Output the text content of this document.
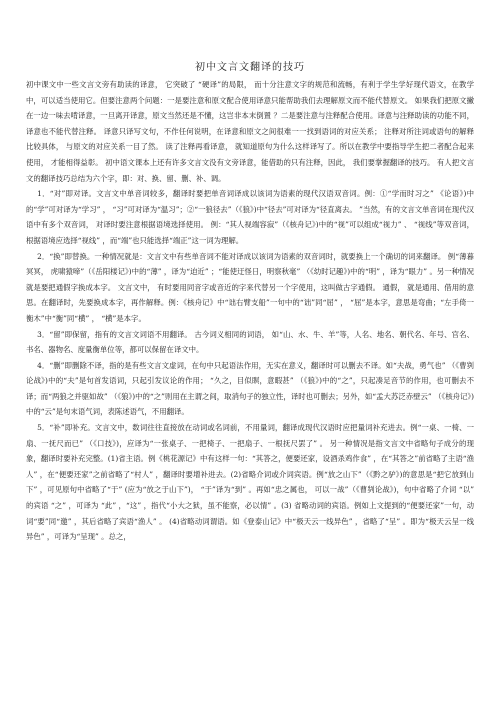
初中文言文翻译的技巧

初中课文中一些文言文旁有助读的译意， 它突破了 “硬译”的局限， 而十分注意文字的规范和流畅，有利于学生学好现代语文，在教学中，可以适当使用它。但要注意两个问题：一是要注意和原文配合使用译意只能帮助我们去理解原文而不能代替原文。 如果我们把原文撇在一边一味去啃译意，一旦离开译意，原文当然还是不懂，这岂非本末倒置 ？二是要注意与注释配合使用。译意与注释助读的功能不同，译意也不能代替注释。 译意只译写文句，不作任何说明，在译意和原文之间很难一一找到语词的对应关系； 注释对所注词或语句的解释比较具体， 与原文的对应关系一目了然。 读了注释再看译意， 就知道原句为什么这样译写了。所以在教学中要指导学生把二者配合起来使用， 才能相得益彰。 初中语文课本上还有许多文言文没有文旁译意，能借助的只有注释，因此， 我们要掌握翻译的技巧。 有人把文言文的翻译技巧总结为六个字，即：对、换、留、删、补、调。

1．“对”即对译。文言文中单音词较多，翻译时要把单音词译成以该词为语素的现代汉语双音词。例：①“学而时习之” 《论语》)中的“学”可对译为“学习” ， “习”可对译为“温习”；②“一狼径去”（《狼》)中“径去”可对译为“径直离去。 ”当然，有的文言文单音词在现代汉语中有多个双音词， 对译时要注意根据语境选择使用。 例：“其人视端容寂”（《核舟记》)中的“视”可以组成“视力” 、 “视线”等双音词，根据语境应选择“视线” ，而“端”也只能选择“端正”这一词为理解。

2．“换”即替换。一种情况就是：文言文中有些单音词不能对译成以该词为语素的双音词时，就要换上一个确切的词来翻译。 例“薄暮冥冥， 虎啸猿啼”（《岳阳楼记》)中的“薄” ，译为“迫近” ；“能使迂怪日，明察秋毫” （《幼时记趣》)中的“明” ，译为“眼力” 。另一种情况就是要把通假字换成本字。 文言文中， 有时要用同音字或音近的字来代替另一个字使用，这叫做古字通假。 通假， 就是通用、借用的意思。在翻译时，先要换成本字，再作解释。例：《核舟记》中“诎右臂支船”一句中的“诎”同“屈” ， “屈”是本字，意思是弯曲；“左手倚一衡木”中“衡”同“横” ， “横”是本字。

3．“留”即保留，指有的文言文词语不用翻译。 古今词义相同的词语， 如“山、水、牛、羊”等，人名、地名、朝代名、年号、官名、书名、器物名、度量衡单位等，都可以保留在译文中。

4．“删”即删除不译，指的是有些文言文虚词，在句中只起语法作用，无实在意义，翻译时可以删去不译。如“夫战，勇气也” （《曹刿论战》)中的“夫”是句首发语词，只起引发议论的作用； “久之，目似瞑，意暇甚” （《狼》)中的“之”，只起凑足音节的作用，也可删去不译；而“两狼之并驱如故” （《狼》)中的“之”则用在主谓之间，取消句子的独立性，译时也可删去；另外，如“孟大苏泛赤壁云” （《核舟记》)中的“云”是句末语气词，表陈述语气，不用翻译。

5．“补”即补充。文言文中，数词往往直接放在动词或名词前，不用量词，翻译成现代汉语时应把量词补充进去。例“一桌、一椅、一扇、一抚尺而已” （《口技》)，应译为“一张桌子、一把椅子、一把扇子、一根抚尺罢了” 。 另一种情况是指文言文中省略句子成分的现象，翻译时要补充完整。(1)省主语。例《桃花源记》中有这样一句：“其答之，便要还家，设酒杀鸡作食” ，在“其答之”前省略了主语“渔人” ，在“便要还家”之前省略了“村人” ，翻译时要增补进去。(2)省略介词或介词宾语。例“放之山下”（《黔之驴》)的意思是“把它放到山下” ，可见原句中省略了“于” (应为“放之于山下”)， “于”译为“到” 。再如“忠之属也， 可以一战”（《曹刿论战》)，句中省略了介词 “以” 的宾语 “之” ，可译为 “此” ，“这” ，指代“小大之狱，虽不能察，必以情” 。(3) 省略动词的宾语。例如上文提到的“便要还家”一句，动词“要”同“邀” ，其后省略了宾语“渔人” 。 (4)省略动词谓语。如《登泰山记》中“极天云一线异色” ，省略了“呈” 。即为“极天云呈一线异色” ，可译为“呈现” 。总之，
